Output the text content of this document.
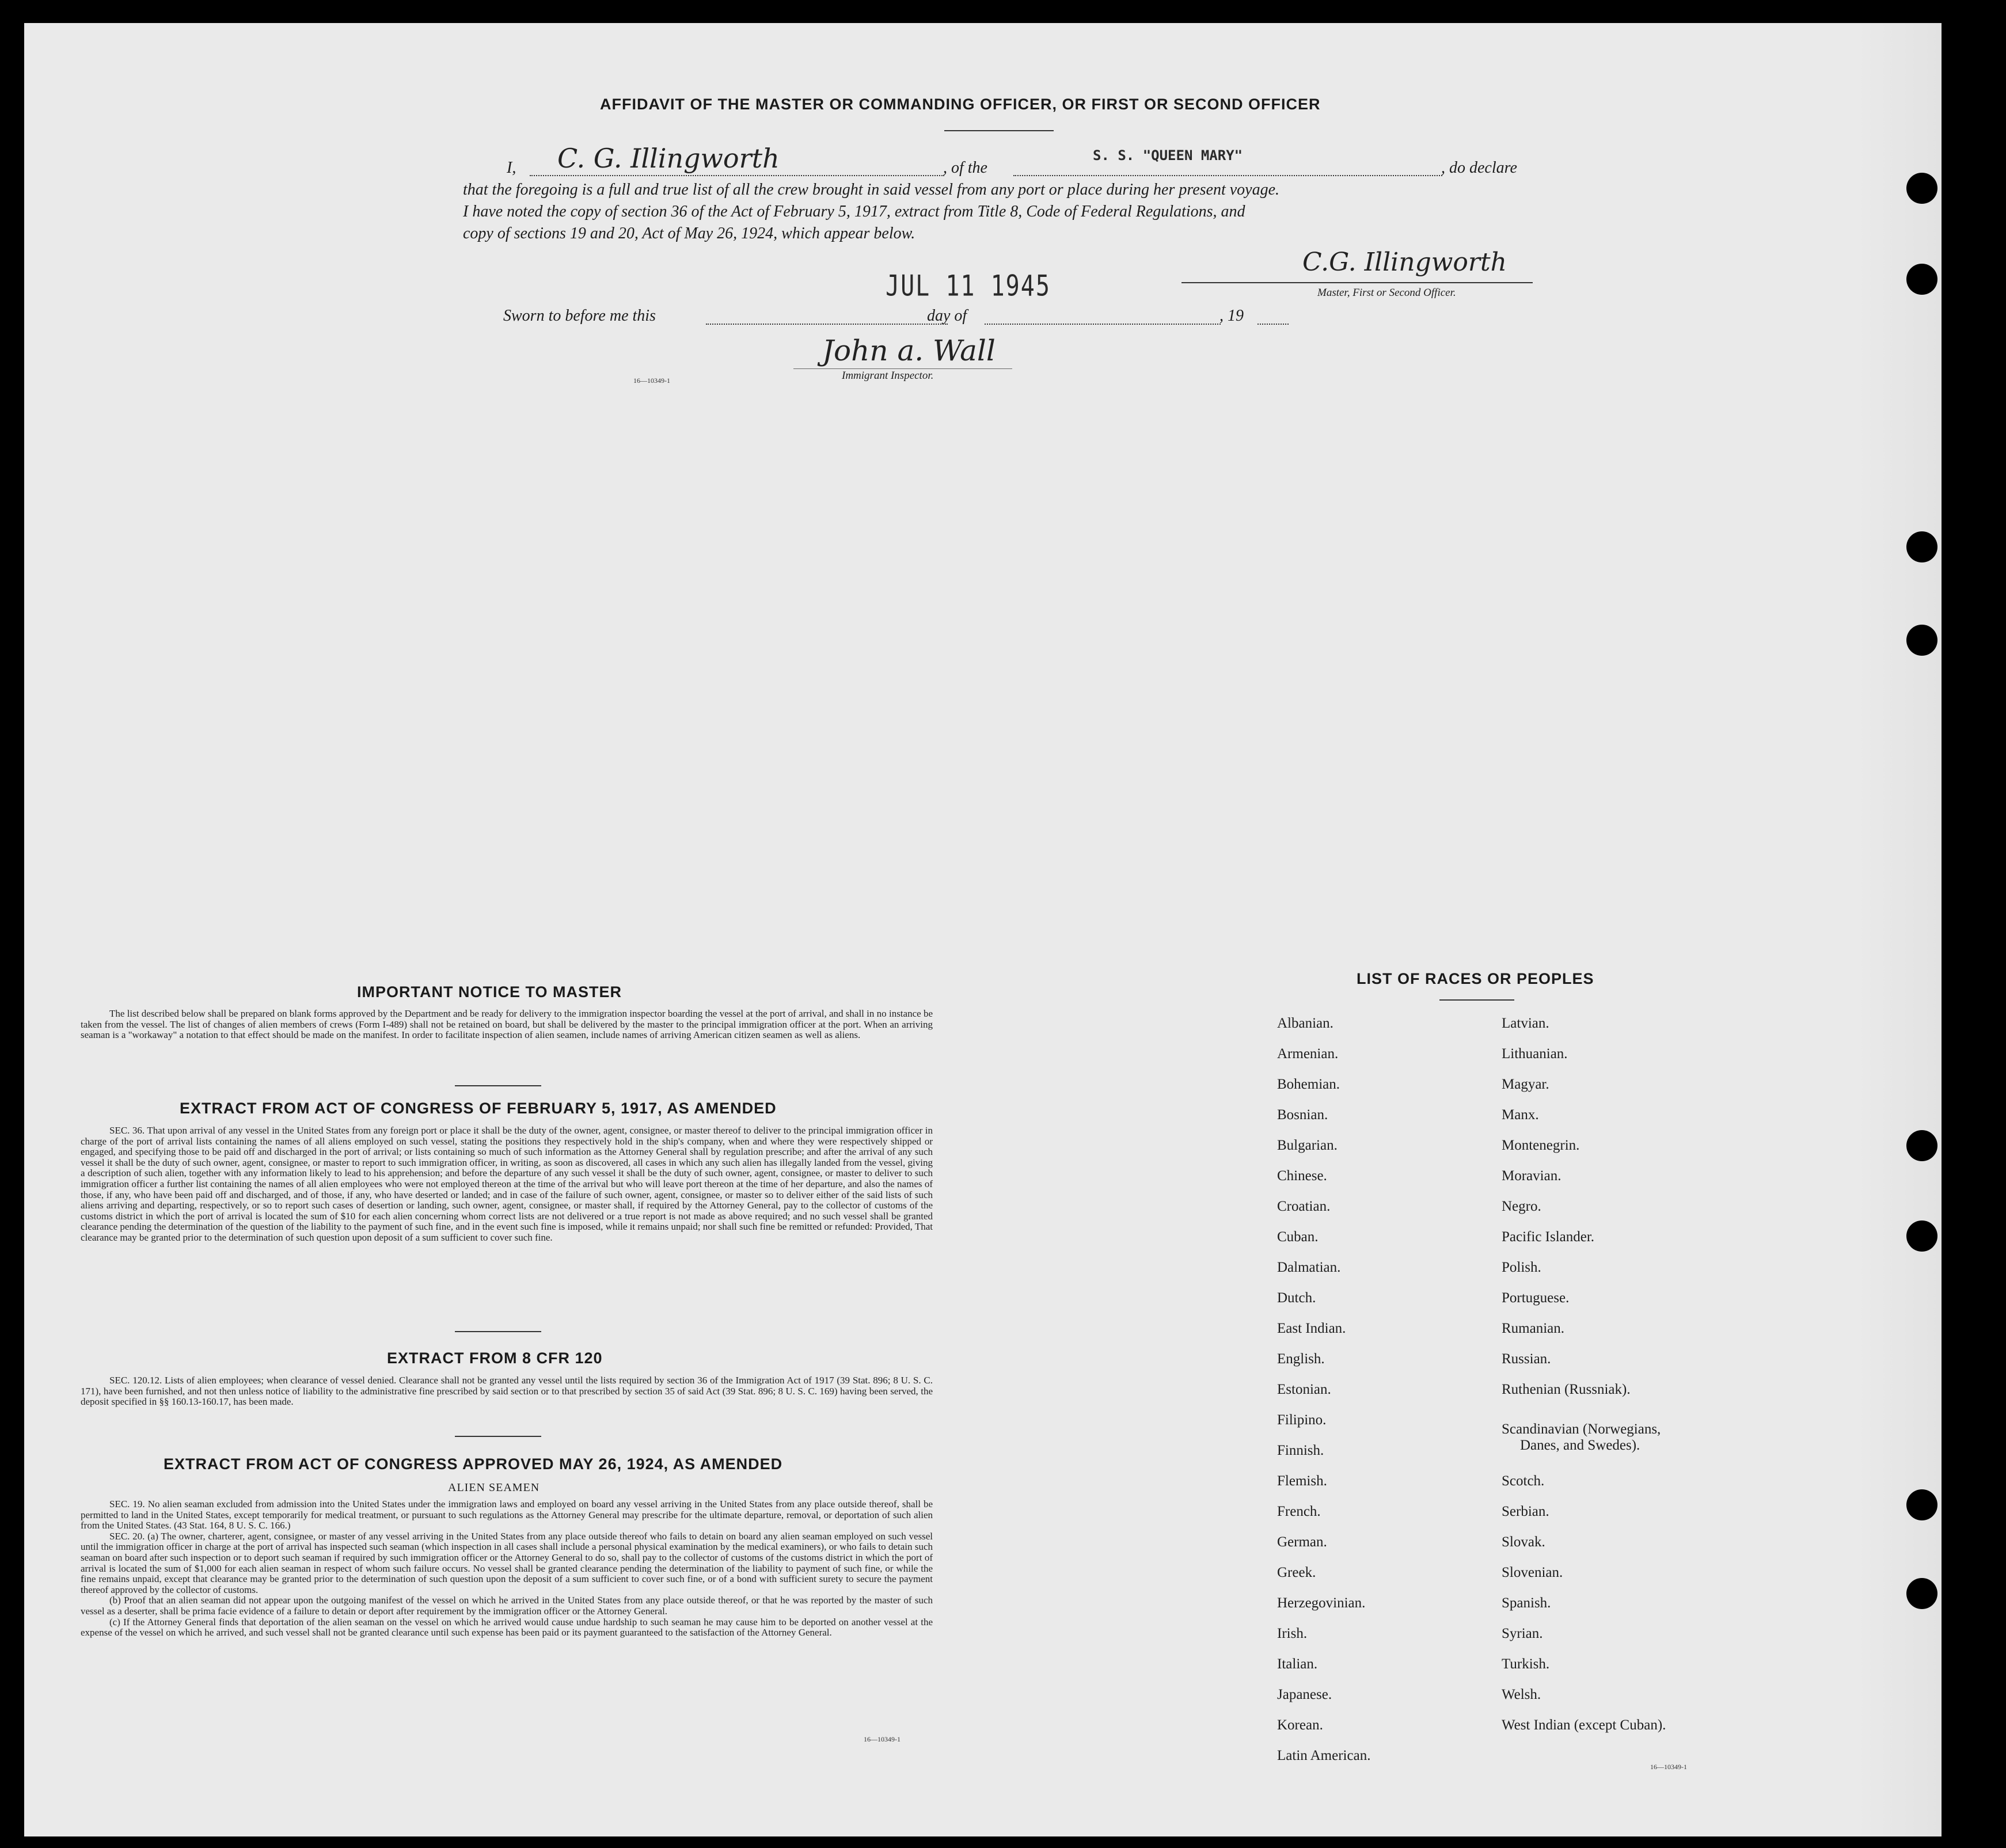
AFFIDAVIT OF THE MASTER OR COMMANDING OFFICER, OR FIRST OR SECOND OFFICER
I,	C. G. Illingworth	, of the
S. S. "QUEEN MARY"
, do declare
that the foregoing is a full and true list of all the crew brought in said vessel from any port or place during her present voyage.
I have noted the copy of section 36 of the Act of February 5, 1917, extract from Title 8, Code of Federal Regulations, and
copy of sections 19 and 20, Act of May 26, 1924, which appear below.
JUL 11 1945
C.G. Illingworth
Master, First or Second Officer.
Sworn to before me this	day of	, 19
16—10349-1
John a. Wall
Immigrant Inspector.
IMPORTANT NOTICE TO MASTER

The list described below shall be prepared on blank forms approved by the Department and be ready for delivery to the immigration inspector boarding the vessel at the port of arrival, and shall in no instance be taken from the vessel. The list of changes of alien members of crews (Form I-489) shall not be retained on board, but shall be delivered by the master to the principal immigration officer at the port. When an arriving seaman is a "workaway" a notation to that effect should be made on the manifest. In order to facilitate inspection of alien seamen, include names of arriving American citizen seamen as well as aliens.

EXTRACT FROM ACT OF CONGRESS OF FEBRUARY 5, 1917, AS AMENDED

SEC. 36. That upon arrival of any vessel in the United States from any foreign port or place it shall be the duty of the owner, agent, consignee, or master thereof to deliver to the principal immigration officer in charge of the port of arrival lists containing the names of all aliens employed on such vessel, stating the positions they respectively hold in the ship's company, when and where they were respectively shipped or engaged, and specifying those to be paid off and discharged in the port of arrival; or lists containing so much of such information as the Attorney General shall by regulation prescribe; and after the arrival of any such vessel it shall be the duty of such owner, agent, consignee, or master to report to such immigration officer, in writing, as soon as discovered, all cases in which any such alien has illegally landed from the vessel, giving a description of such alien, together with any information likely to lead to his apprehension; and before the departure of any such vessel it shall be the duty of such owner, agent, consignee, or master to deliver to such immigration officer a further list containing the names of all alien employees who were not employed thereon at the time of the arrival but who will leave port thereon at the time of her departure, and also the names of those, if any, who have been paid off and discharged, and of those, if any, who have deserted or landed; and in case of the failure of such owner, agent, consignee, or master so to deliver either of the said lists of such aliens arriving and departing, respectively, or so to report such cases of desertion or landing, such owner, agent, consignee, or master shall, if required by the Attorney General, pay to the collector of customs of the customs district in which the port of arrival is located the sum of $10 for each alien concerning whom correct lists are not delivered or a true report is not made as above required; and no such vessel shall be granted clearance pending the determination of the question of the liability to the payment of such fine, and in the event such fine is imposed, while it remains unpaid; nor shall such fine be remitted or refunded: Provided, That clearance may be granted prior to the determination of such question upon deposit of a sum sufficient to cover such fine.

EXTRACT FROM 8 CFR 120

SEC. 120.12. Lists of alien employees; when clearance of vessel denied. Clearance shall not be granted any vessel until the lists required by section 36 of the Immigration Act of 1917 (39 Stat. 896; 8 U. S. C. 171), have been furnished, and not then unless notice of liability to the administrative fine prescribed by said section or to that prescribed by section 35 of said Act (39 Stat. 896; 8 U. S. C. 169) having been served, the deposit specified in §§ 160.13-160.17, has been made.

EXTRACT FROM ACT OF CONGRESS APPROVED MAY 26, 1924, AS AMENDED
ALIEN SEAMEN

SEC. 19. No alien seaman excluded from admission into the United States under the immigration laws and employed on board any vessel arriving in the United States from any place outside thereof, shall be permitted to land in the United States, except temporarily for medical treatment, or pursuant to such regulations as the Attorney General may prescribe for the ultimate departure, removal, or deportation of such alien from the United States. (43 Stat. 164, 8 U. S. C. 166.)

SEC. 20. (a) The owner, charterer, agent, consignee, or master of any vessel arriving in the United States from any place outside thereof who fails to detain on board any alien seaman employed on such vessel until the immigration officer in charge at the port of arrival has inspected such seaman (which inspection in all cases shall include a personal physical examination by the medical examiners), or who fails to detain such seaman on board after such inspection or to deport such seaman if required by such immigration officer or the Attorney General to do so, shall pay to the collector of customs of the customs district in which the port of arrival is located the sum of $1,000 for each alien seaman in respect of whom such failure occurs. No vessel shall be granted clearance pending the determination of the liability to payment of such fine, or while the fine remains unpaid, except that clearance may be granted prior to the determination of such question upon the deposit of a sum sufficient to cover such fine, or of a bond with sufficient surety to secure the payment thereof approved by the collector of customs.

(b) Proof that an alien seaman did not appear upon the outgoing manifest of the vessel on which he arrived in the United States from any place outside thereof, or that he was reported by the master of such vessel as a deserter, shall be prima facie evidence of a failure to detain or deport after requirement by the immigration officer or the Attorney General.

(c) If the Attorney General finds that deportation of the alien seaman on the vessel on which he arrived would cause undue hardship to such seaman he may cause him to be deported on another vessel at the expense of the vessel on which he arrived, and such vessel shall not be granted clearance until such expense has been paid or its payment guaranteed to the satisfaction of the Attorney General.

16—10349-1
LIST OF RACES OR PEOPLES
Albanian.
Armenian.
Bohemian.
Bosnian.
Bulgarian.
Chinese.
Croatian.
Cuban.
Dalmatian.
Dutch.
East Indian.
English.
Estonian.
Filipino.
Finnish.
Flemish.
French.
German.
Greek.
Herzegovinian.
Irish.
Italian.
Japanese.
Korean.
Latin American.
Latvian.
Lithuanian.
Magyar.
Manx.
Montenegrin.
Moravian.
Negro.
Pacific Islander.
Polish.
Portuguese.
Rumanian.
Russian.
Ruthenian (Russniak).
Scandinavian (Norwegians,
Danes, and Swedes).
Scotch.
Serbian.
Slovak.
Slovenian.
Spanish.
Syrian.
Turkish.
Welsh.
West Indian (except Cuban).
16—10349-1
